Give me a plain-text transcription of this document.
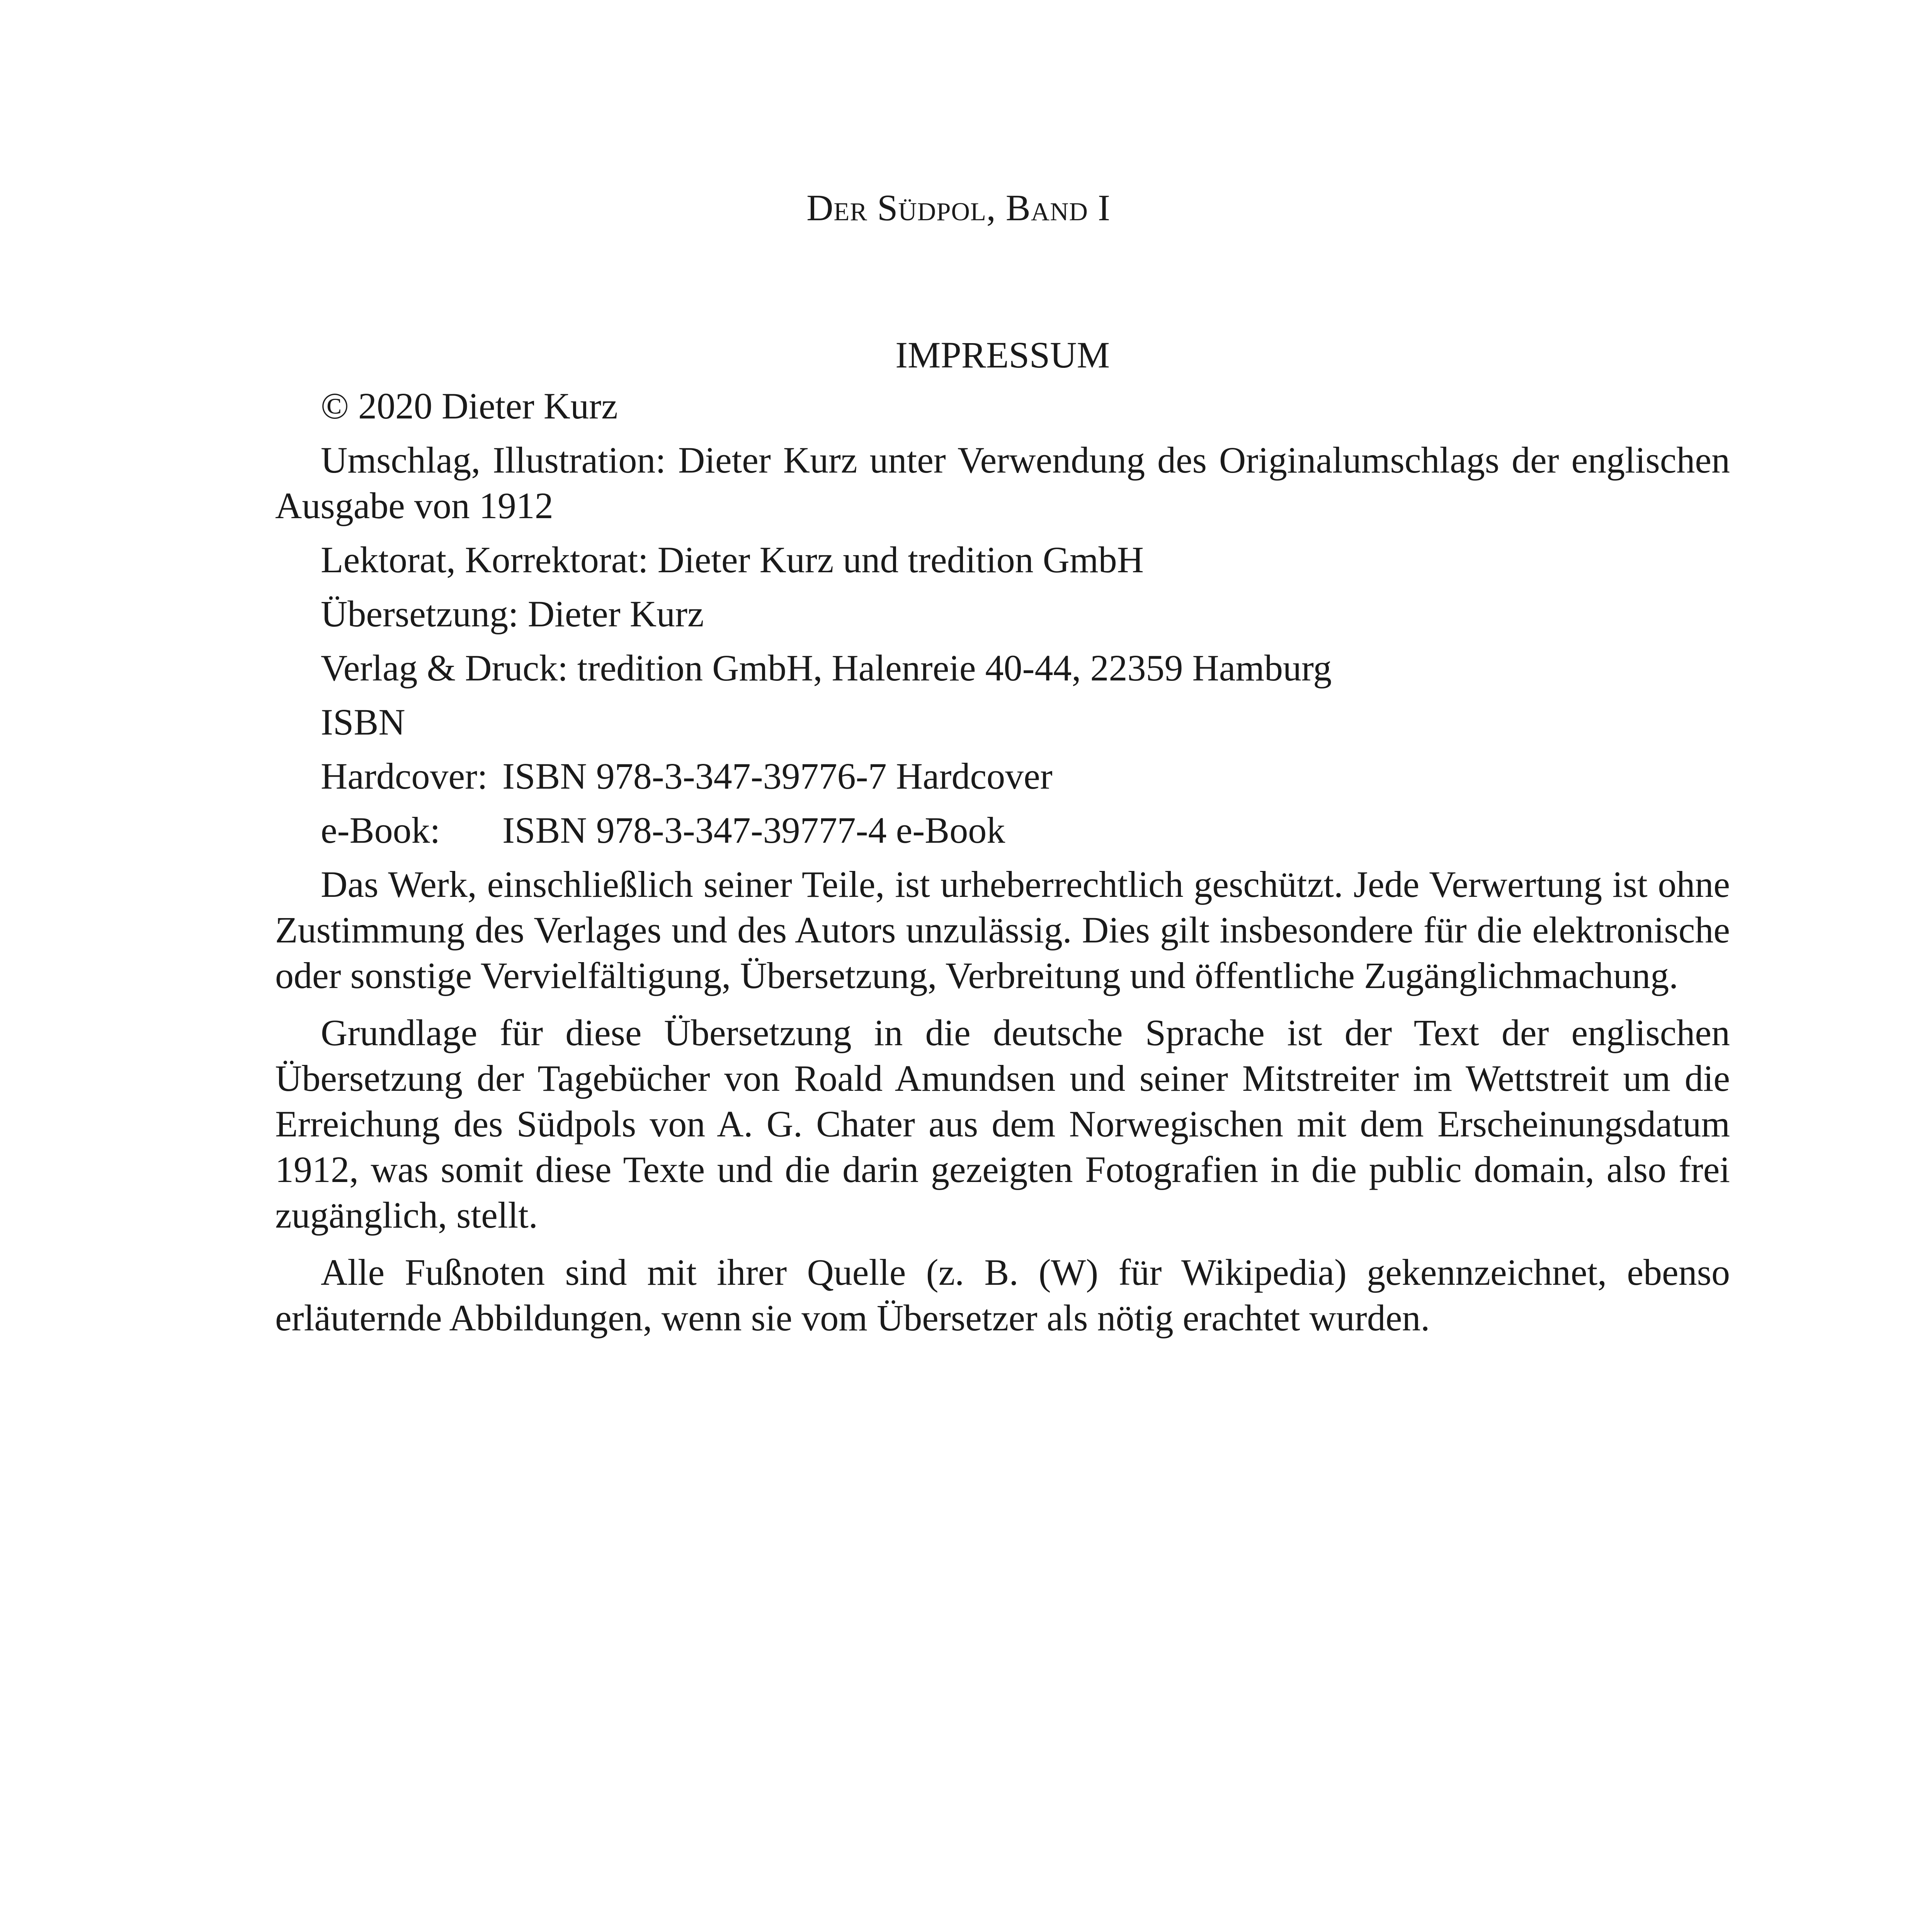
Der Südpol, Band I
IMPRESSUM

© 2020 Dieter Kurz

Umschlag, Illustration: Dieter Kurz unter Verwendung des Originalumschlags der englischen Ausgabe von 1912

Lektorat, Korrektorat: Dieter Kurz und tredition GmbH

Übersetzung: Dieter Kurz

Verlag & Druck: tredition GmbH, Halenreie 40-44, 22359 Hamburg

ISBN

Hardcover: ISBN 978-3-347-39776-7 Hardcover
e-Book:	ISBN 978-3-347-39777-4 e-Book

Das Werk, einschließlich seiner Teile, ist urheberrechtlich geschützt. Jede Verwertung ist ohne Zustimmung des Verlages und des Autors unzulässig. Dies gilt insbesondere für die elektronische oder sonstige Vervielfältigung, Übersetzung, Verbreitung und öffentliche Zugänglichmachung.

Grundlage für diese Übersetzung in die deutsche Sprache ist der Text der englischen Übersetzung der Tagebücher von Roald Amundsen und seiner Mitstreiter im Wettstreit um die Erreichung des Südpols von A. G. Chater aus dem Norwegischen mit dem Erscheinungsdatum 1912, was somit diese Texte und die darin gezeigten Fotografien in die public domain, also frei zugänglich, stellt.

Alle Fußnoten sind mit ihrer Quelle (z. B. (W) für Wikipedia) gekennzeichnet, ebenso erläuternde Abbildungen, wenn sie vom Übersetzer als nötig erachtet wurden.
